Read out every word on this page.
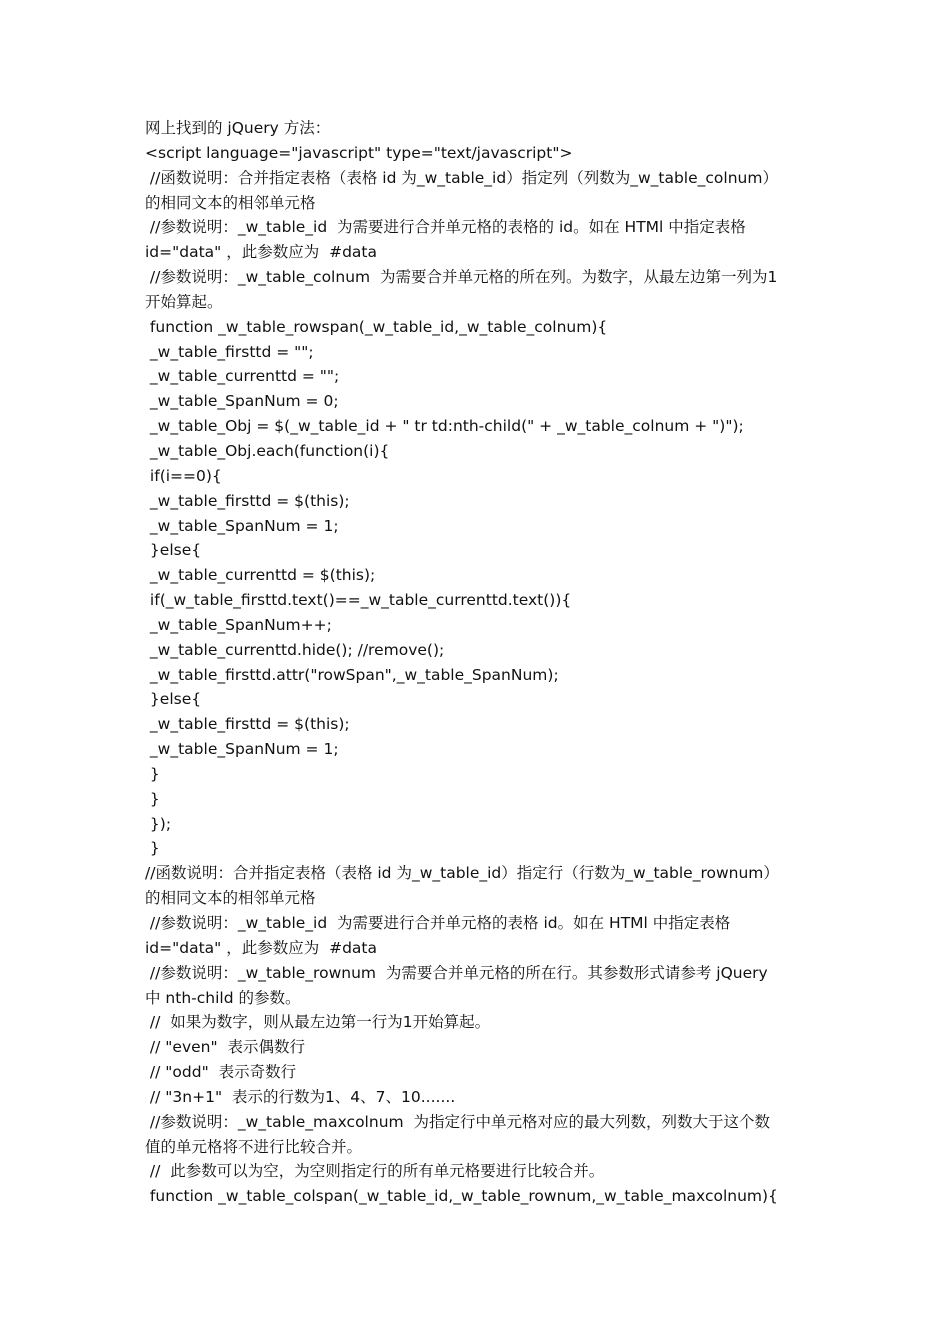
网上找到的 jQuery 方法：
<script language="javascript" type="text/javascript">
//函数说明：合并指定表格（表格 id 为_w_table_id）指定列（列数为_w_table_colnum）
的相同文本的相邻单元格
//参数说明：_w_table_id  为需要进行合并单元格的表格的 id。如在 HTMl 中指定表格
id="data" ，此参数应为  #data
//参数说明：_w_table_colnum  为需要合并单元格的所在列。为数字，从最左边第一列为1
开始算起。
function _w_table_rowspan(_w_table_id,_w_table_colnum){
_w_table_firsttd = "";
_w_table_currenttd = "";
_w_table_SpanNum = 0;
_w_table_Obj = $(_w_table_id + " tr td:nth-child(" + _w_table_colnum + ")");
_w_table_Obj.each(function(i){
if(i==0){
_w_table_firsttd = $(this);
_w_table_SpanNum = 1;
}else{
_w_table_currenttd = $(this);
if(_w_table_firsttd.text()==_w_table_currenttd.text()){
_w_table_SpanNum++;
_w_table_currenttd.hide(); //remove();
_w_table_firsttd.attr("rowSpan",_w_table_SpanNum);
}else{
_w_table_firsttd = $(this);
_w_table_SpanNum = 1;
}
}
});
}
//函数说明：合并指定表格（表格 id 为_w_table_id）指定行（行数为_w_table_rownum）
的相同文本的相邻单元格
//参数说明：_w_table_id  为需要进行合并单元格的表格 id。如在 HTMl 中指定表格
id="data" ，此参数应为  #data
//参数说明：_w_table_rownum  为需要合并单元格的所在行。其参数形式请参考 jQuery
中 nth-child 的参数。
//  如果为数字，则从最左边第一行为1开始算起。
// "even"  表示偶数行
// "odd"  表示奇数行
// "3n+1"  表示的行数为1、4、7、10.......
//参数说明：_w_table_maxcolnum  为指定行中单元格对应的最大列数，列数大于这个数
值的单元格将不进行比较合并。
//  此参数可以为空，为空则指定行的所有单元格要进行比较合并。
function _w_table_colspan(_w_table_id,_w_table_rownum,_w_table_maxcolnum){
